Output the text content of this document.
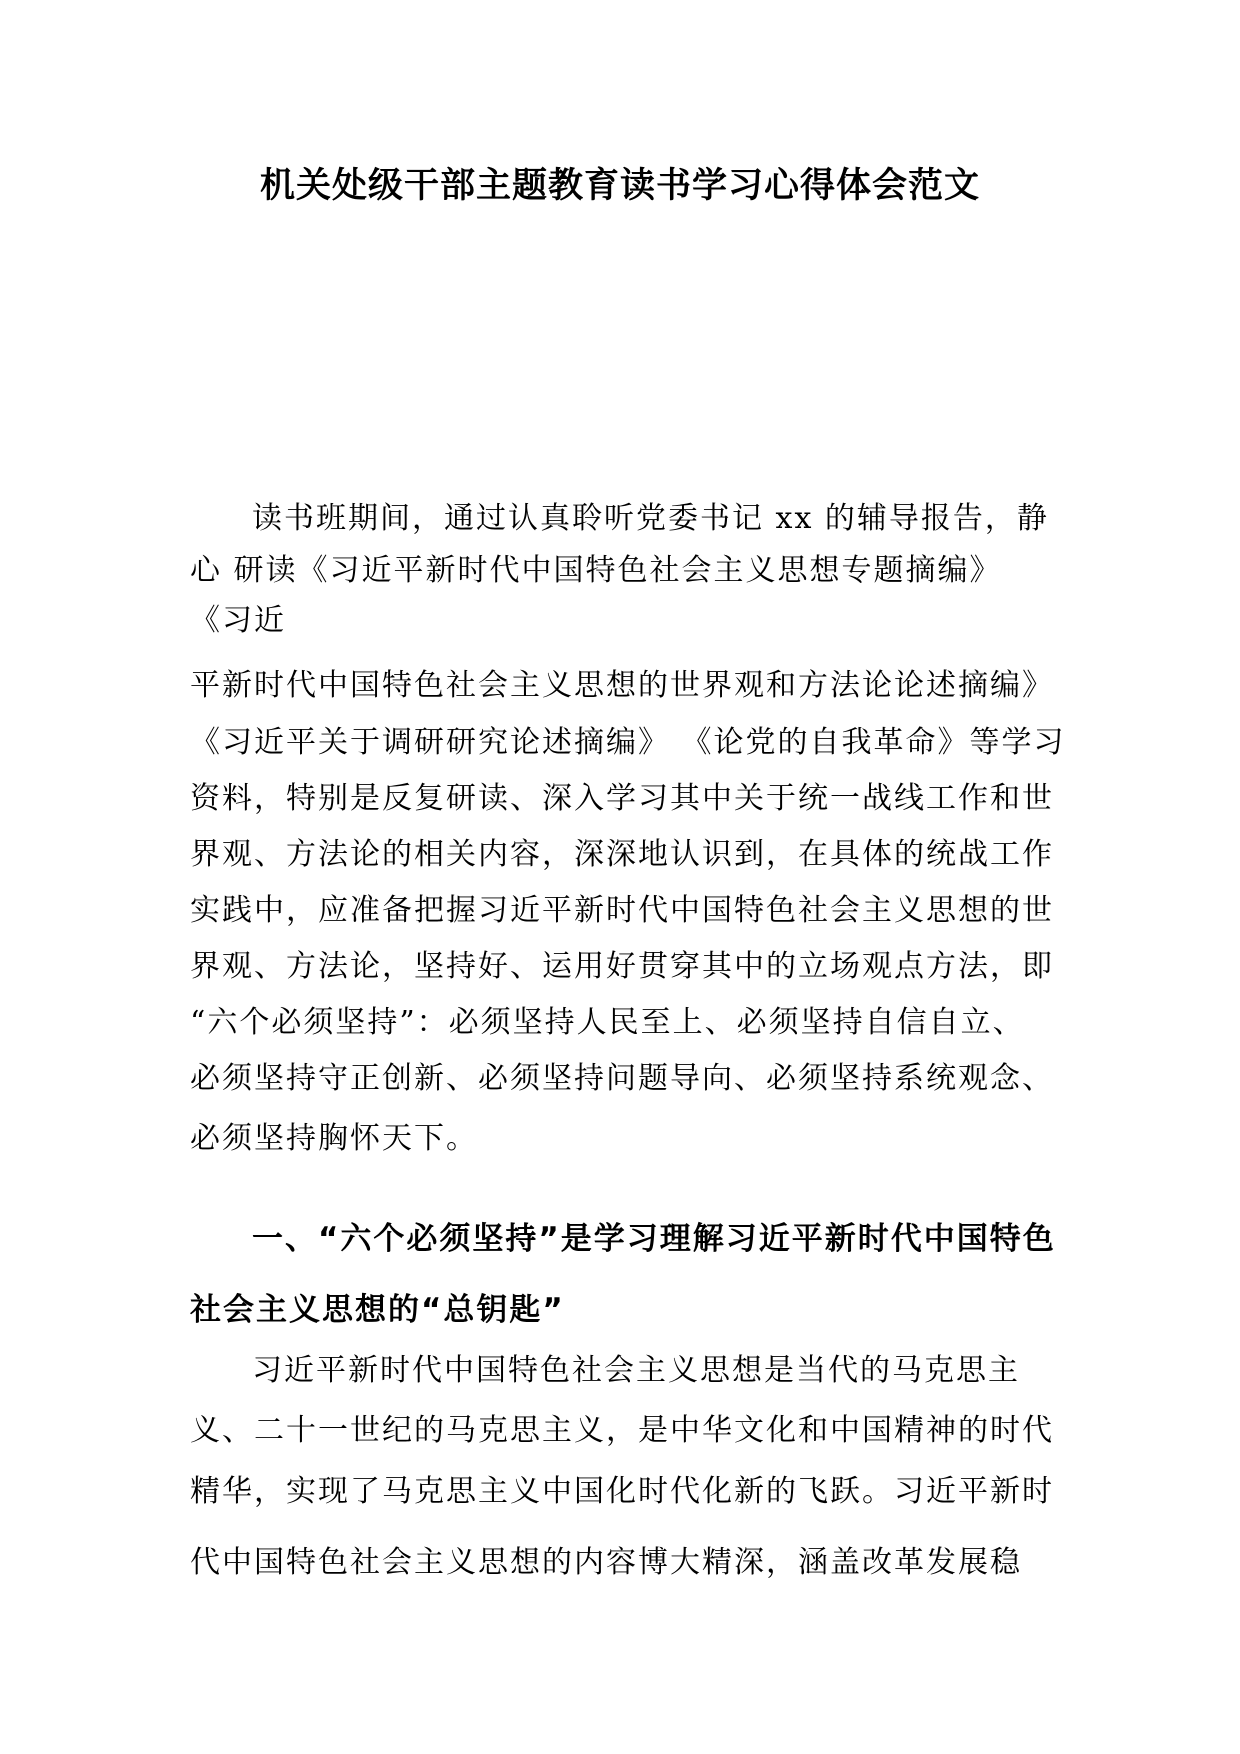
机关处级干部主题教育读书学习心得体会范文
读书班期间，通过认真聆听党委书记 xx 的辅导报告，静
心 研读《习近平新时代中国特色社会主义思想专题摘编》
《习近
平新时代中国特色社会主义思想的世界观和方法论论述摘编》
《习近平关于调研研究论述摘编》 《论党的自我革命》等学习
资料，特别是反复研读、深入学习其中关于统一战线工作和世
界观、方法论的相关内容，深深地认识到，在具体的统战工作
实践中，应准备把握习近平新时代中国特色社会主义思想的世
界观、方法论，坚持好、运用好贯穿其中的立场观点方法，即
“六个必须坚持”：必须坚持人民至上、必须坚持自信自立、
必须坚持守正创新、必须坚持问题导向、必须坚持系统观念、
必须坚持胸怀天下。
一、“六个必须坚持”是学习理解习近平新时代中国特色
社会主义思想的“总钥匙”
习近平新时代中国特色社会主义思想是当代的马克思主
义、二十一世纪的马克思主义，是中华文化和中国精神的时代
精华，实现了马克思主义中国化时代化新的飞跃。习近平新时
代中国特色社会主义思想的内容博大精深，涵盖改革发展稳
